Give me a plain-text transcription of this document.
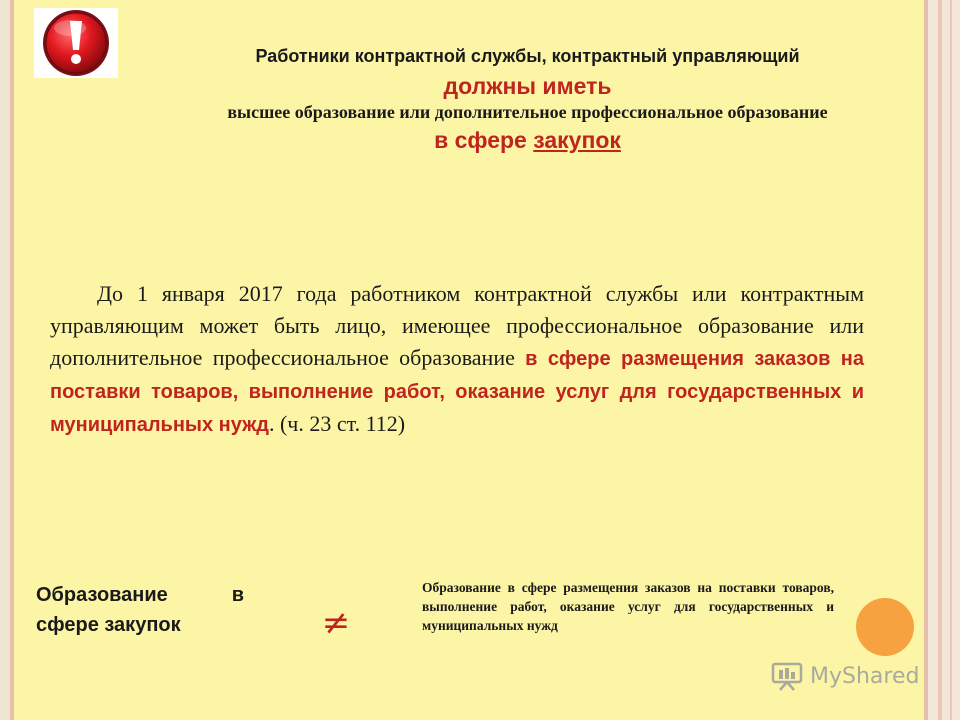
Работники контрактной службы, контрактный управляющий
должны иметь
высшее образование или дополнительное профессиональное образование
в сфере закупок
До 1 января 2017 года работником контрактной службы или контрактным управляющим может быть лицо, имеющее профессиональное образование или дополнительное профессиональное образование в сфере размещения заказов на поставки товаров, выполнение работ, оказание услуг для государственных и муниципальных нужд. (ч. 23 ст. 112)
Образование в сфере закупок	≠
Образование в сфере размещения заказов на поставки товаров, выполнение работ, оказание услуг для государственных и муниципальных нужд
MyShared
